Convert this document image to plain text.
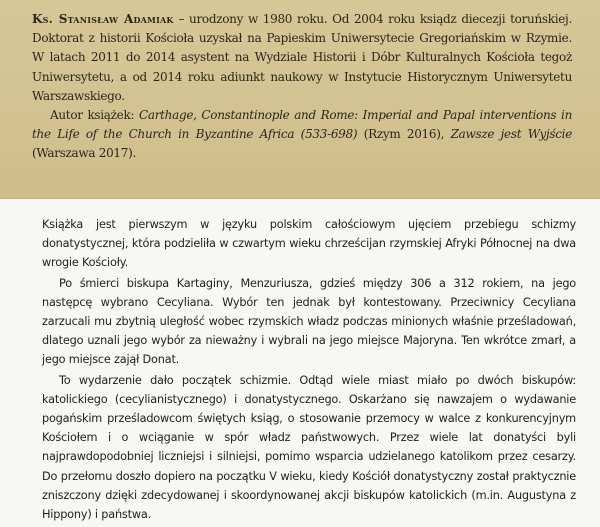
Ks. Stanisław Adamiak – urodzony w 1980 roku. Od 2004 roku ksiądz diecezji toruńskiej. Doktorat z historii Kościoła uzyskał na Papieskim Uniwersytecie Gregoriańskim w Rzymie. W latach 2011 do 2014 asystent na Wydziale Historii i Dóbr Kulturalnych Kościoła tegoż Uniwersytetu, a od 2014 roku adiunkt naukowy w Instytucie Historycznym Uniwersytetu Warszawskiego.

Autor książek: Carthage, Constantinople and Rome: Imperial and Papal interventions in the Life of the Church in Byzantine Africa (533-698) (Rzym 2016), Zawsze jest Wyjście (Warszawa 2017).

Książka jest pierwszym w języku polskim całościowym ujęciem przebiegu schizmy donatystycznej, która podzieliła w czwartym wieku chrześcijan rzymskiej Afryki Północnej na dwa wrogie Kościoły.

Po śmierci biskupa Kartaginy, Menzuriusza, gdzieś między 306 a 312 rokiem, na jego następcę wybrano Cecyliana. Wybór ten jednak był kontestowany. Przeciwnicy Cecyliana zarzucali mu zbytnią uległość wobec rzymskich władz podczas minionych właśnie prześladowań, dlatego uznali jego wybór za nieważny i wybrali na jego miejsce Majoryna. Ten wkrótce zmarł, a jego miejsce zajął Donat.

To wydarzenie dało początek schizmie. Odtąd wiele miast miało po dwóch biskupów: katolickiego (cecylianistycznego) i donatystycznego. Oskarżano się nawzajem o wydawanie pogańskim prześladowcom świętych ksiąg, o stosowanie przemocy w walce z konkurencyjnym Kościołem i o wciąganie w spór władz państwowych. Przez wiele lat donatyści byli najprawdopodobniej liczniejsi i silniejsi, pomimo wsparcia udzielanego katolikom przez cesarzy. Do przełomu doszło dopiero na początku V wieku, kiedy Kościół donatystyczny został praktycznie zniszczony dzięki zdecydowanej i skoordynowanej akcji biskupów katolickich (m.in. Augustyna z Hippony) i państwa.
